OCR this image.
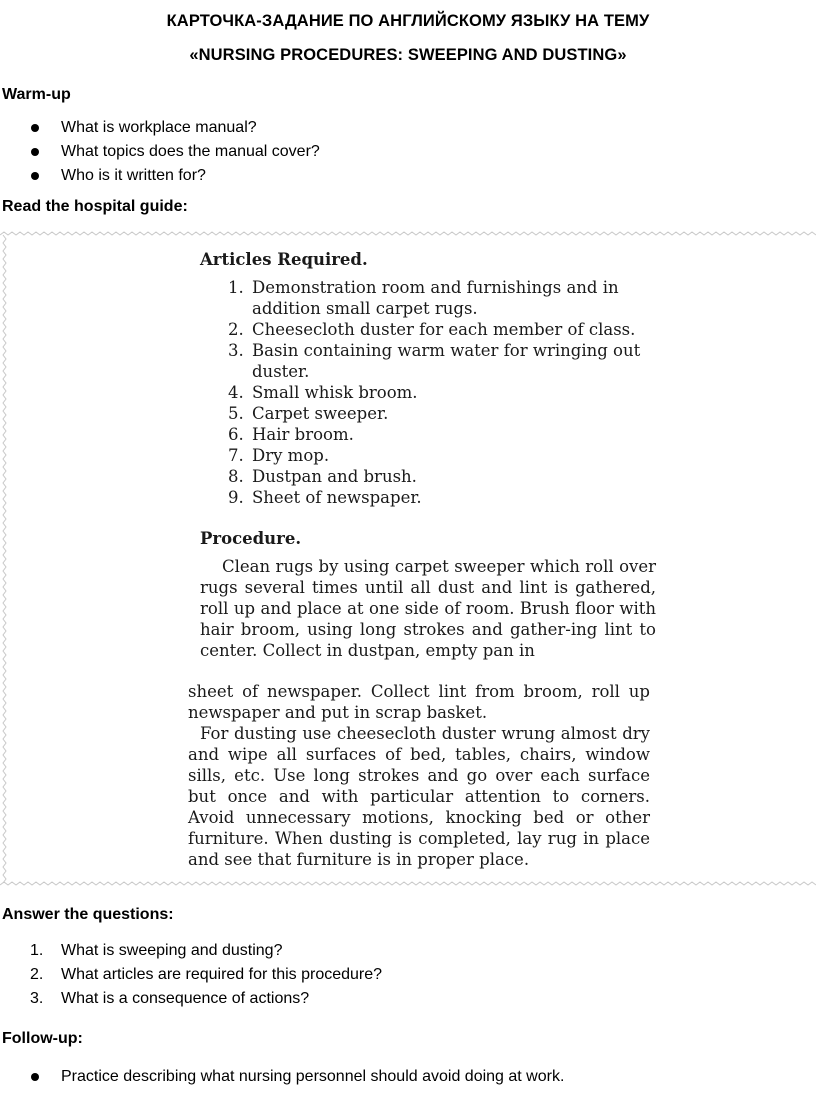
КАРТОЧКА-ЗАДАНИЕ ПО АНГЛИЙСКОМУ ЯЗЫКУ НА ТЕМУ
«NURSING PROCEDURES: SWEEPING AND DUSTING»
Warm-up
What is workplace manual?
What topics does the manual cover?
Who is it written for?
Read the hospital guide:
Articles Required.
1. Demonstration room and furnishings and in addition small carpet rugs.
2. Cheesecloth duster for each member of class.
3. Basin containing warm water for wringing out duster.
4. Small whisk broom.
5. Carpet sweeper.
6. Hair broom.
7. Dry mop.
8. Dustpan and brush.
9. Sheet of newspaper.
Procedure.
Clean rugs by using carpet sweeper which roll over rugs several times until all dust and lint is gathered, roll up and place at one side of room. Brush floor with hair broom, using long strokes and gather-ing lint to center. Collect in dustpan, empty pan in

sheet of newspaper. Collect lint from broom, roll up newspaper and put in scrap basket.

For dusting use cheesecloth duster wrung almost dry and wipe all surfaces of bed, tables, chairs, window sills, etc. Use long strokes and go over each surface but once and with particular attention to corners. Avoid unnecessary motions, knocking bed or other furniture. When dusting is completed, lay rug in place and see that furniture is in proper place.

Answer the questions:
1. What is sweeping and dusting?
2. What articles are required for this procedure?
3. What is a consequence of actions?
Follow-up:
Practice describing what nursing personnel should avoid doing at work.
